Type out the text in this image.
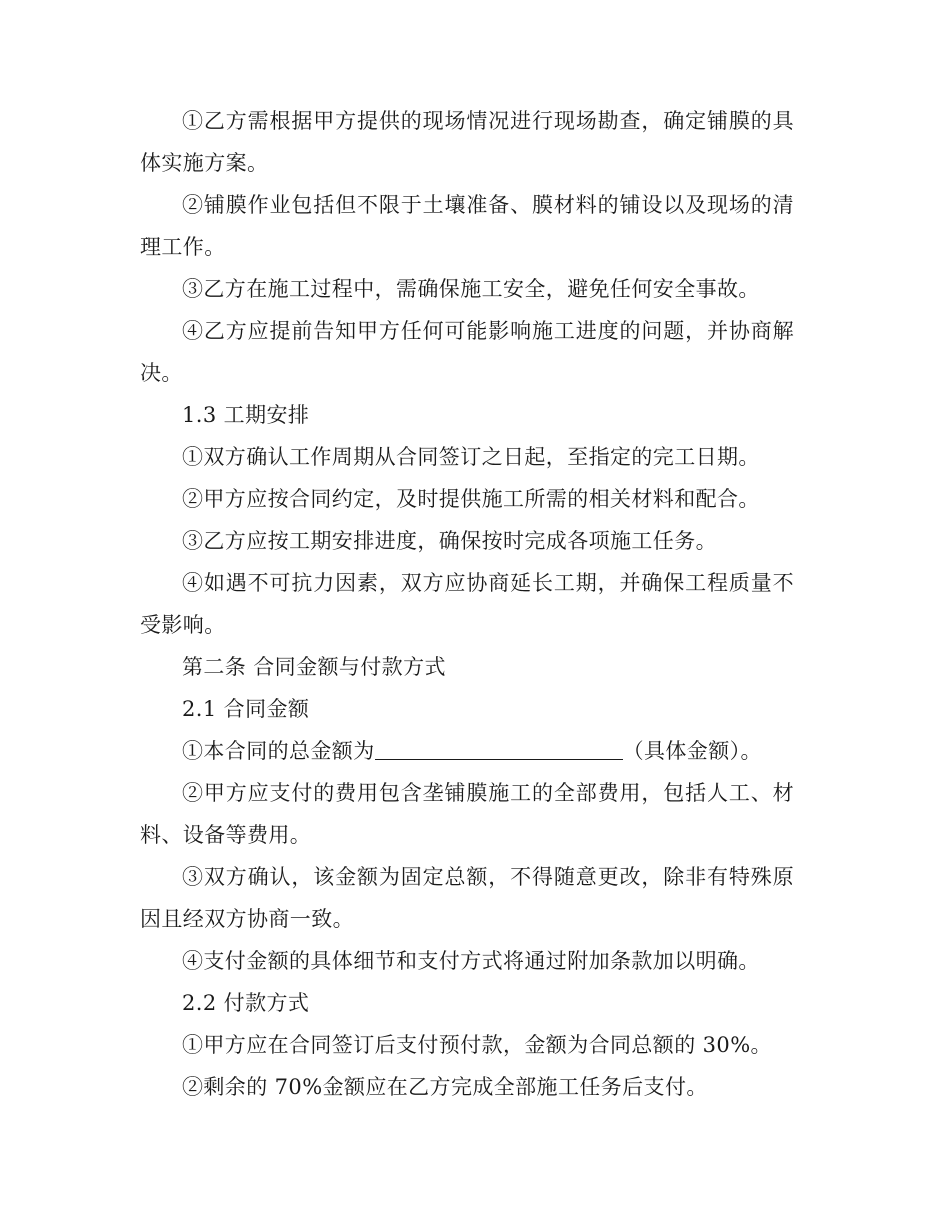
①乙方需根据甲方提供的现场情况进行现场勘查，确定铺膜的具体实施方案。

②铺膜作业包括但不限于土壤准备、膜材料的铺设以及现场的清理工作。

③乙方在施工过程中，需确保施工安全，避免任何安全事故。

④乙方应提前告知甲方任何可能影响施工进度的问题，并协商解决。

1.3 工期安排

①双方确认工作周期从合同签订之日起，至指定的完工日期。

②甲方应按合同约定，及时提供施工所需的相关材料和配合。

③乙方应按工期安排进度，确保按时完成各项施工任务。

④如遇不可抗力因素，双方应协商延长工期，并确保工程质量不受影响。

第二条 合同金额与付款方式

2.1 合同金额

①本合同的总金额为	（具体金额）。

②甲方应支付的费用包含垄铺膜施工的全部费用，包括人工、材料、设备等费用。

③双方确认，该金额为固定总额，不得随意更改，除非有特殊原因且经双方协商一致。

④支付金额的具体细节和支付方式将通过附加条款加以明确。

2.2 付款方式

①甲方应在合同签订后支付预付款，金额为合同总额的 30%。

②剩余的 70%金额应在乙方完成全部施工任务后支付。
